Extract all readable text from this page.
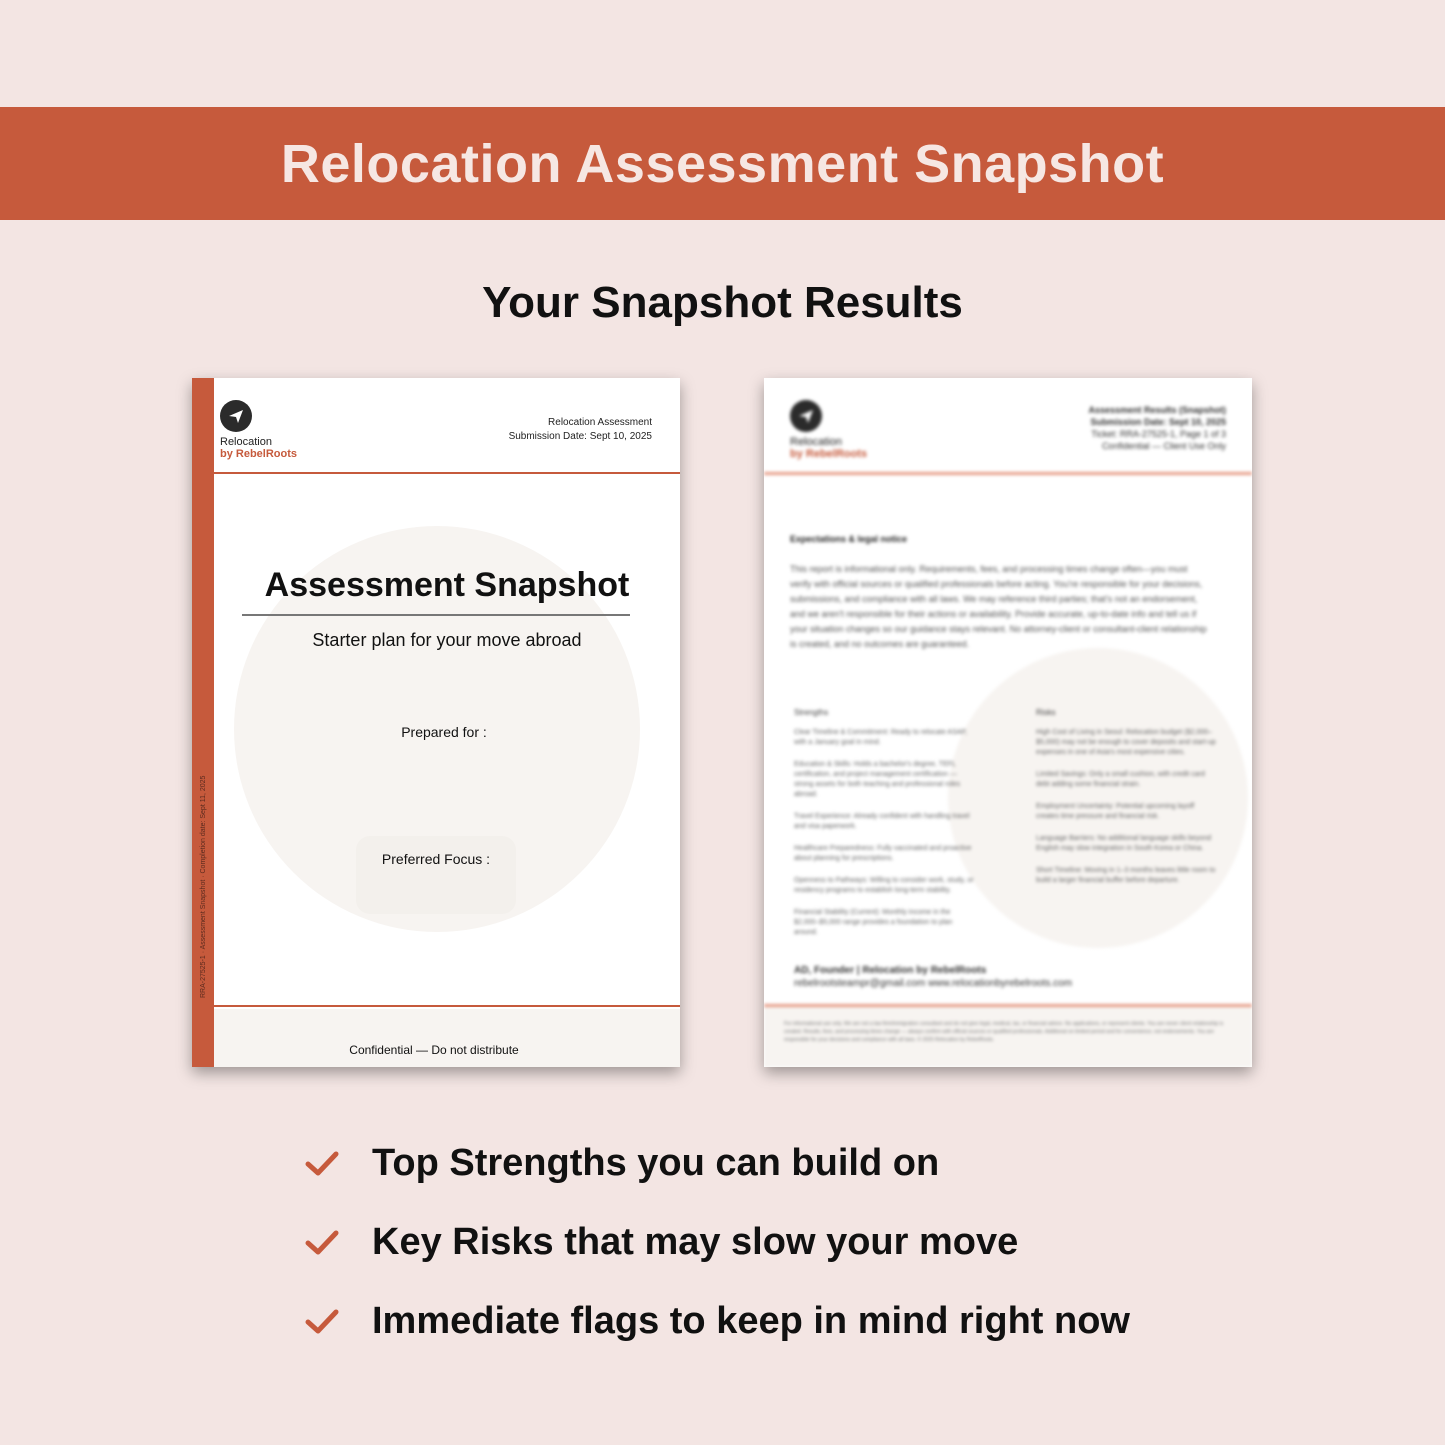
Relocation Assessment Snapshot
Your Snapshot Results
RRA-27525-1 · Assessment Snapshot · Completion date: Sept 11, 2025
Relocation
by RebelRoots
Relocation Assessment
Submission Date: Sept 10, 2025
Assessment Snapshot
Starter plan for your move abroad
Prepared for :
Preferred Focus :
Confidential — Do not distribute
Relocation
by RebelRoots
Assessment Results (Snapshot)
Submission Date: Sept 10, 2025
Ticket: RRA-27525-1, Page 1 of 3
Confidential — Client Use Only
Expectations & legal notice
This report is informational only. Requirements, fees, and processing times change often—you must verify with official sources or qualified professionals before acting. You're responsible for your decisions, submissions, and compliance with all laws. We may reference third parties; that's not an endorsement, and we aren't responsible for their actions or availability. Provide accurate, up-to-date info and tell us if your situation changes so our guidance stays relevant. No attorney-client or consultant-client relationship is created, and no outcomes are guaranteed.
Strengths

Clear Timeline & Commitment: Ready to relocate ASAP, with a January goal in mind.

Education & Skills: Holds a bachelor's degree, TEFL certification, and project management certification — strong assets for both teaching and professional roles abroad.

Travel Experience: Already confident with handling travel and visa paperwork.

Healthcare Preparedness: Fully vaccinated and proactive about planning for prescriptions.

Openness to Pathways: Willing to consider work, study, or residency programs to establish long-term stability.

Financial Stability (Current): Monthly income in the $2,000–$5,000 range provides a foundation to plan around.

Risks

High Cost of Living in Seoul: Relocation budget ($2,000–$5,000) may not be enough to cover deposits and start-up expenses in one of Asia's most expensive cities.

Limited Savings: Only a small cushion, with credit card debt adding some financial strain.

Employment Uncertainty: Potential upcoming layoff creates time pressure and financial risk.

Language Barriers: No additional language skills beyond English may slow integration in South Korea or China.

Short Timeline: Moving in 1–3 months leaves little room to build a larger financial buffer before departure.

AD, Founder | Relocation by RebelRoots
rebelrootsteampr@gmail.com www.relocationbyrebelroots.com
For informational use only. We are not a law firm/immigration consultant and do not give legal, medical, tax, or financial advice. No applications, or represent clients. You are never client relationship is created. Results, fees, and processing times change — always confirm with official sources or qualified professionals. Additional on limited period and for convenience, not endorsements. You are responsible for your decisions and compliance with all laws. © 2025 Relocation by RebelRoots.
Top Strengths you can build on
Key Risks that may slow your move
Immediate flags to keep in mind right now
